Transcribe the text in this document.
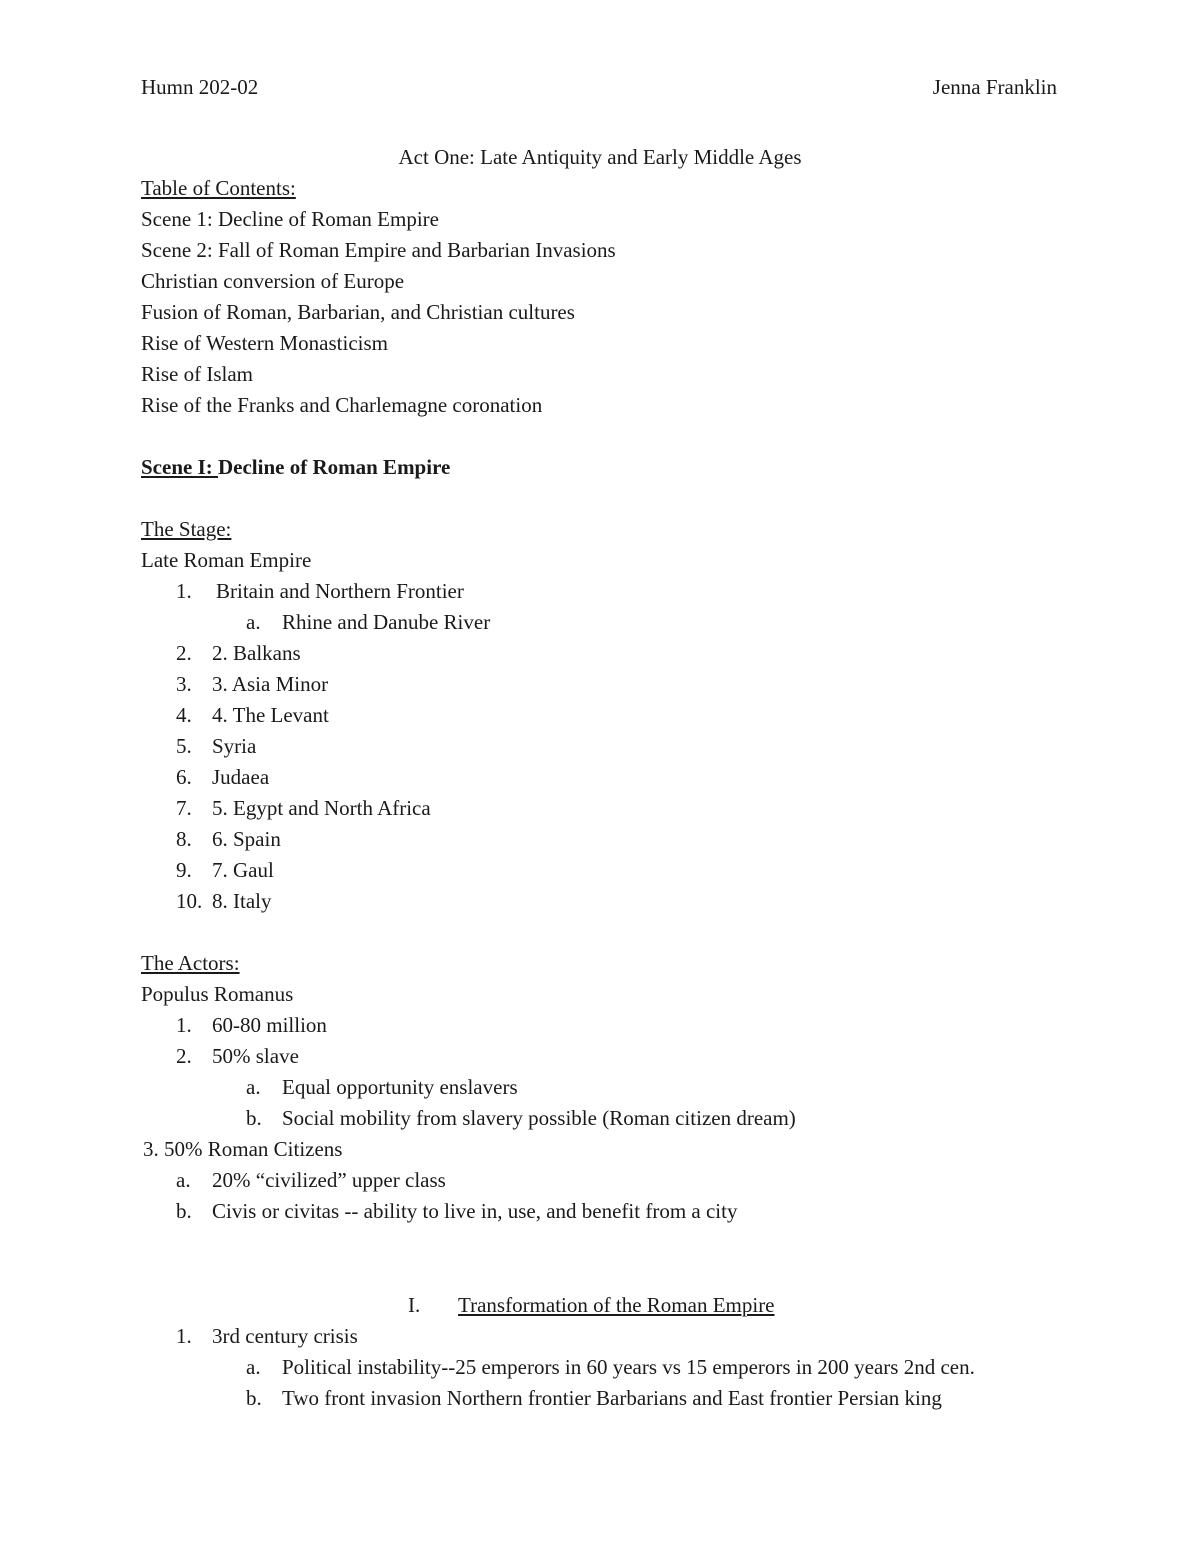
Humn 202-02	Jenna Franklin
Act One: Late Antiquity and Early Middle Ages
Table of Contents:
Scene 1: Decline of Roman Empire
Scene 2: Fall of Roman Empire and Barbarian Invasions
Christian conversion of Europe
Fusion of Roman, Barbarian, and Christian cultures
Rise of Western Monasticism
Rise of Islam
Rise of the Franks and Charlemagne coronation
Scene I: Decline of Roman Empire
The Stage:
Late Roman Empire
1. Britain and Northern Frontier
a. Rhine and Danube River
2. 2. Balkans
3. 3. Asia Minor
4. 4. The Levant
5. Syria
6. Judaea
7. 5. Egypt and North Africa
8. 6. Spain
9. 7. Gaul
10. 8. Italy
The Actors:
Populus Romanus
1. 60-80 million
2. 50% slave
a. Equal opportunity enslavers
b. Social mobility from slavery possible (Roman citizen dream)
3. 50% Roman Citizens
a. 20% “civilized” upper class
b. Civis or civitas -- ability to live in, use, and benefit from a city
I. Transformation of the Roman Empire
1. 3rd century crisis
a. Political instability--25 emperors in 60 years vs 15 emperors in 200 years 2nd cen.
b. Two front invasion Northern frontier Barbarians and East frontier Persian king
